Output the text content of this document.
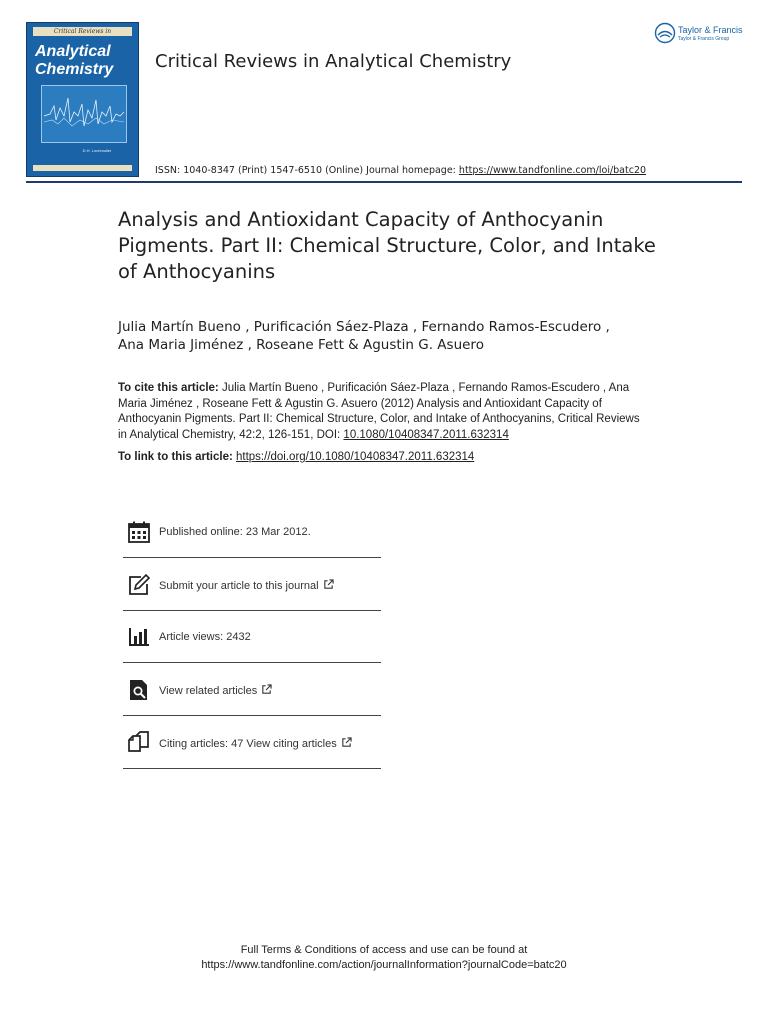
Critical Reviews in
Analytical
Chemistry
D.H. Lochmuller
Critical Reviews in Analytical Chemistry
ISSN: 1040-8347 (Print) 1547-6510 (Online) Journal homepage: https://www.tandfonline.com/loi/batc20
Taylor & Francis
Taylor & Francis Group
Analysis and Antioxidant Capacity of Anthocyanin Pigments. Part II: Chemical Structure, Color, and Intake of Anthocyanins
Julia Martín Bueno , Purificación Sáez-Plaza , Fernando Ramos-Escudero ,
Ana Maria Jiménez , Roseane Fett & Agustin G. Asuero
To cite this article: Julia Martín Bueno , Purificación Sáez-Plaza , Fernando Ramos-Escudero , Ana Maria Jiménez , Roseane Fett & Agustin G. Asuero (2012) Analysis and Antioxidant Capacity of Anthocyanin Pigments. Part II: Chemical Structure, Color, and Intake of Anthocyanins, Critical Reviews in Analytical Chemistry, 42:2, 126-151, DOI: 10.1080/10408347.2011.632314
To link to this article: https://doi.org/10.1080/10408347.2011.632314
Published online: 23 Mar 2012.
Submit your article to this journal
Article views: 2432
View related articles
Citing articles: 47 View citing articles
Full Terms & Conditions of access and use can be found at
https://www.tandfonline.com/action/journalInformation?journalCode=batc20
